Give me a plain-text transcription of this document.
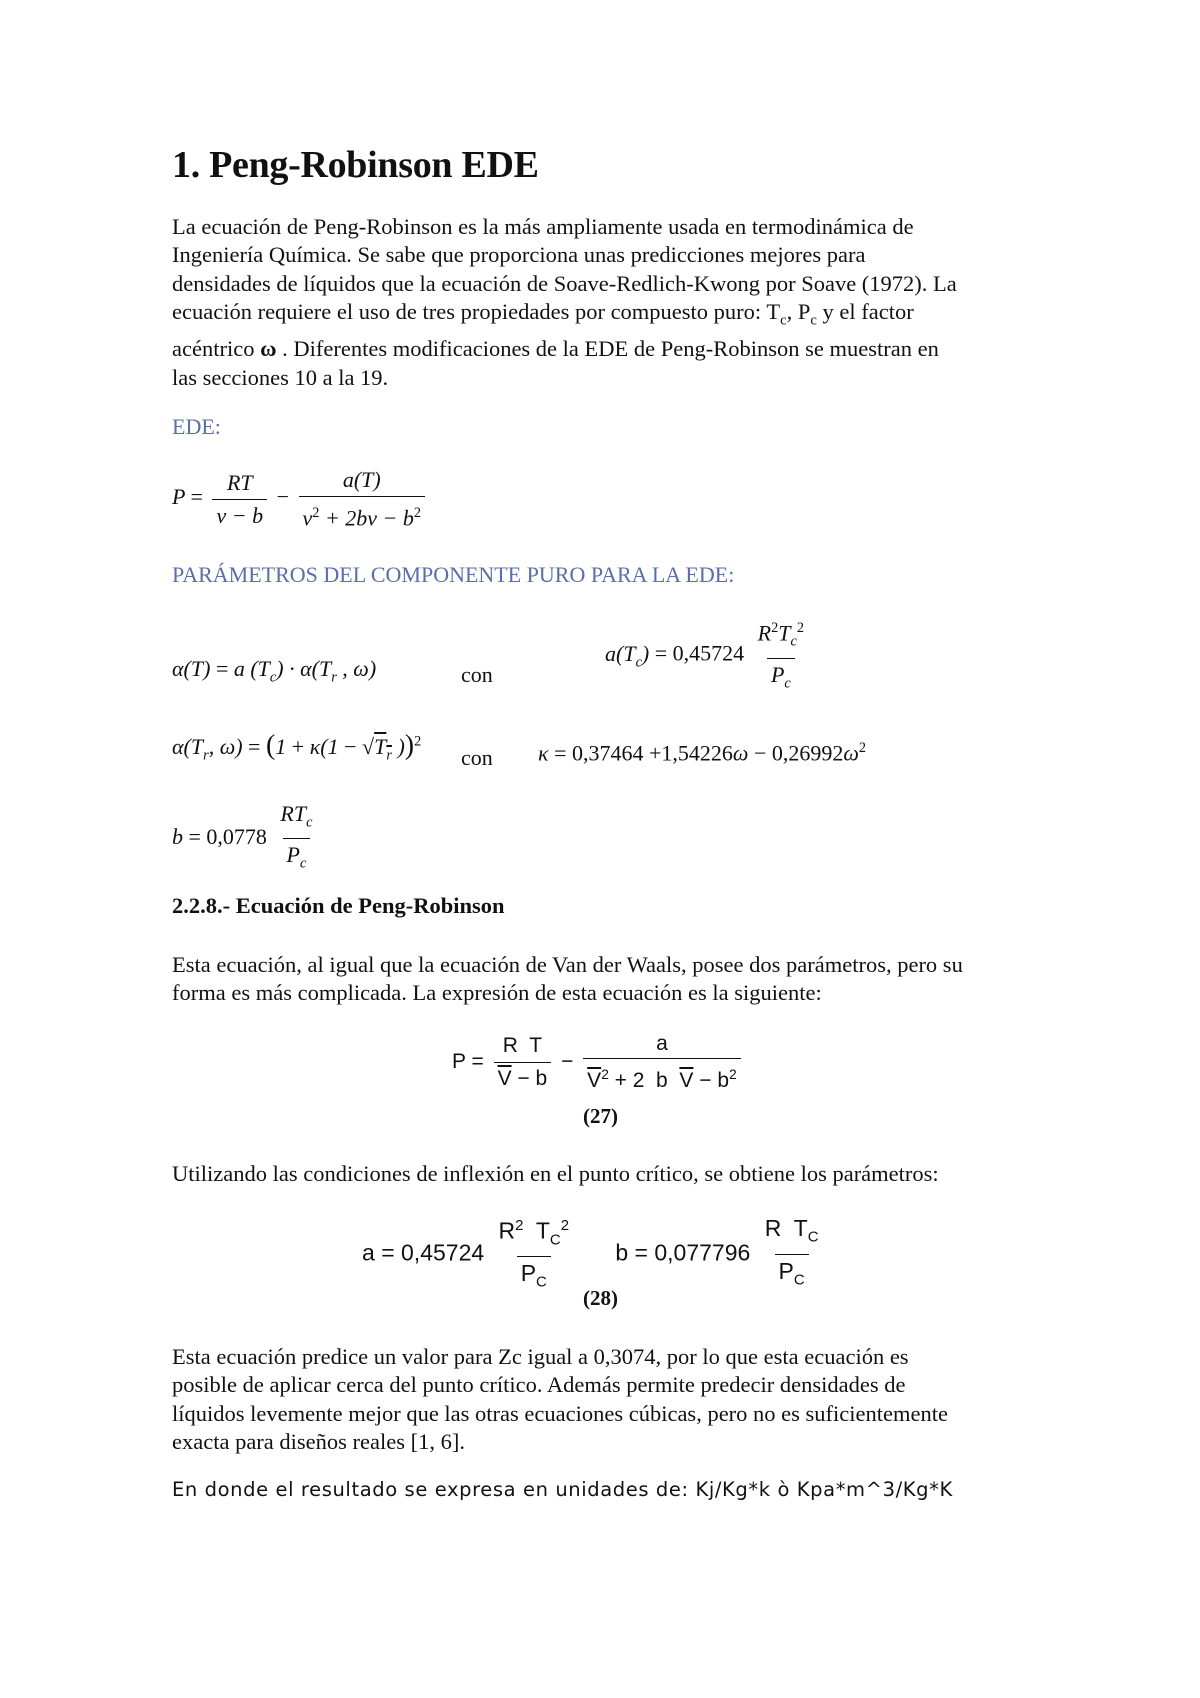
1. Peng-Robinson EDE
La ecuación de Peng-Robinson es la más ampliamente usada en termodinámica de
Ingeniería Química. Se sabe que proporciona unas predicciones mejores para
densidades de líquidos que la ecuación de Soave-Redlich-Kwong por Soave (1972). La
ecuación requiere el uso de tres propiedades por compuesto puro: $T_c$, $P_c$ y el factor
acéntrico ω . Diferentes modificaciones de la EDE de Peng-Robinson se muestran en
las secciones 10 a la 19.
EDE:
$P = \frac{RT}{v - b} - \frac{a(T)}{v^2 + 2bv - b^2}$
PARÁMETROS DEL COMPONENTE PURO PARA LA EDE:
$a(T_c) = 0,45724 \frac{R^2T_c^2}{P_c}$
α(T) = a $(T_c) \cdot \alpha(T_r$ , ω)	con
$\alpha(T_r$, $\omega) = (1 + \kappa(1 - √T_r$ ))$^2$
con $\kappa = 0,37464 +1,54226\omega - 0,26992\omega^2$
$b = 0,0778 \frac{RT_c}{P_c}$
2.2.8.- Ecuación de Peng-Robinson
Esta ecuación, al igual que la ecuación de Van der Waals, posee dos parámetros, pero su
forma es más complicada. La expresión de esta ecuación es la siguiente:
$P = \frac{\text{R  T}}{\overline{V} - b} - \frac{a}{\overline{V}^2 + 2 b \overline{V} - b^2}$
(27)
Utilizando las condiciones de inflexión en el punto crítico, se obtiene los parámetros:
$a = 0,45724 \frac{R^2 T_C^2}{P_C}$ $b = 0,077796 \frac{R T_C}{P_C}$
(28)
Esta ecuación predice un valor para Zc igual a 0,3074, por lo que esta ecuación es
posible de aplicar cerca del punto crítico. Además permite predecir densidades de
líquidos levemente mejor que las otras ecuaciones cúbicas, pero no es suficientemente
exacta para diseños reales [1, 6].
En donde el resultado se expresa en unidades de: Kj/Kg*k ò Kpa*m^3/Kg*K
